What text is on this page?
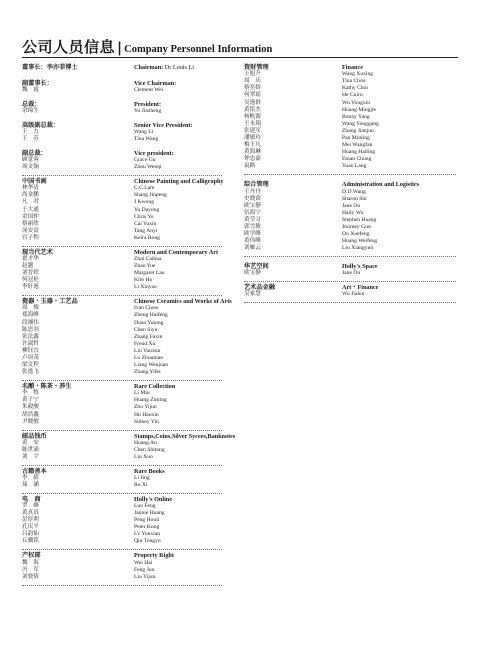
公司人员信息 | Company Personnel Information
董事长：李亦菲博士	Chairman: Dr Louis Li
副董事长：
魏　霞
Vice Chairman:
Clement Wei
总裁：
余锦生
President:
Yu Jinsheng
高级副总裁：
王　力
王　芬
Senior Vice President:
Wang Li
Tina Wang
副总裁：
顾宽蓉
周文翰
Vice president:
Grace Gu
Zhou Wenqi
中国书画
林华清
尚金鹏
凡　君
于大通
余国仲
蔡丽欣
汤安益
宫子程
Chinese Painting and Calligraphy
C.C.Lam
Shang Jinpeng
J Kwong
Yu Dayong
Chris Yu
Cai Yuxin
Tang Anyi
Keira Rong
现当代艺术
翟才华
赵趟
刘晋婷
何冠伦
李轩逸
Modern and Contemporary Art
Zhai Caihua
Zhao Yue
Margaret Lau
Kilo Ho
Li Xinyao
瓷器・玉器・工艺品
周　俊
郑海峰
段湘伟
陈思羽
张法鑫
许淑哲
柳钰宜
卢周茂
梁文程
张逸飞
Chinese Ceramics and Works of Arts
Ivan Chow
Zheng Haifeng
Duan Yutong
Chen Siyu
Zhang Faxin
Freud Xu
Liu Yunxun
Lu Zhoumao
Liang Wenjuan
Zhang Yifei
名酿・陈茶・养生
李　牧
黄子宁
朱毅骏
胡浩鑫
尹晓敏
Rare Collection
Li Miu
Huang Ziming
Zhu Yijun
Hu Haoxin
Sidney Yin
邮品钱币
黄　安
陈世涌
刘　宇
Stamps,Coins,Silver Sycees,Banknotes
Huang An
Chen Shitong
Liu Xuo
古籍善本
李　婧
茹　涵
Rare Books
Li Jing
Ru Xi
电　商
罗　峰
黄真真
彭厚利
孔庆平
吕韵仙
丘骥铭
Holly's Online
Luo Feng
Jannie Huang
Peng Houli
Peter Kong
Lv Yunxian
Qiu Tongyu
产权部
魏　海
冯　军
刘骁倩
Property Right
Wei Hai
Feng Jun
Liu Yijun
资财管理
王旭升
周　庆
蔡奕娇
何翠瑶
吴逸群
黄铭杰
杨帆源
王永翔
张建军
潘敏玲
梅王凡
黄海琳
钟忠豪
袁路
Finance
Wang Xuxing
Tina Chou
Kathy Choi
He Cuiru
Wu Yongxin
Huang Mingjie
Bunny Yang
Wang Yonggang
Zhang Jianjun
Pan Minling
Mei Wangfan
Huang Hailing
Eman Chung
Yuan Lang
综合管理
王丹丹
史晓茵
欧宝静
伍海宁
黄莹习
郭雪敏
欧学峰
黄伟峰
刘雁云
Administration and Logistics
D.D.Wang
Sharon Shi
Jane Ou
Haily Wu
Stephen Huang
Journey Guo
Ou Xuefeng
Huang Weifeng
Liu Xiangyun
华艺空间
欧宝静
Holly's Space
Jane Ou
艺术品金融
吴家慧
Art・Finance
Wu Jiahui
